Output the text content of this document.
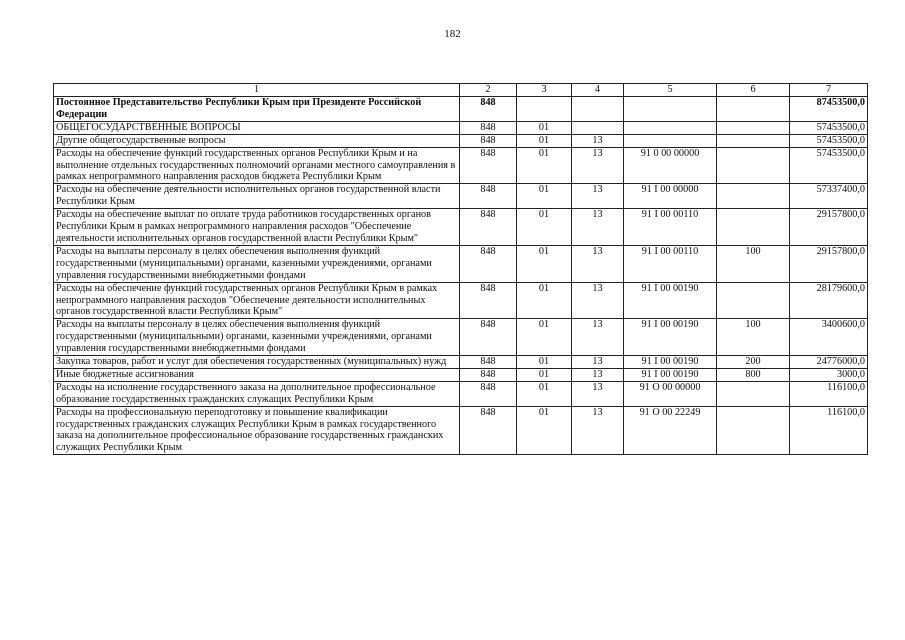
182
1	2	3	4	5	6	7
Постоянное Представительство Республики Крым при Президенте Российской Федерации	848					87453500,0
ОБЩЕГОСУДАРСТВЕННЫЕ ВОПРОСЫ	848	01				57453500,0
Другие общегосударственные вопросы	848	01	13			57453500,0
Расходы на обеспечение функций государственных органов Республики Крым и на выполнение отдельных государственных полномочий органами местного самоуправления в рамках непрограммного направления расходов бюджета Республики Крым	848	01	13	91 0 00 00000		57453500,0
Расходы на обеспечение деятельности исполнительных органов государственной власти Республики Крым	848	01	13	91 I 00 00000		57337400,0
Расходы на обеспечение выплат по оплате труда работников государственных органов Республики Крым в рамках непрограммного направления расходов "Обеспечение деятельности исполнительных органов государственной власти Республики Крым"	848	01	13	91 I 00 00110		29157800,0
Расходы на выплаты персоналу в целях обеспечения выполнения функций государственными (муниципальными) органами, казенными учреждениями, органами управления государственными внебюджетными фондами	848	01	13	91 I 00 00110	100	29157800,0
Расходы на обеспечение функций государственных органов Республики Крым в рамках непрограммного направления расходов "Обеспечение деятельности исполнительных органов государственной власти Республики Крым"	848	01	13	91 I 00 00190		28179600,0
Расходы на выплаты персоналу в целях обеспечения выполнения функций государственными (муниципальными) органами, казенными учреждениями, органами управления государственными внебюджетными фондами	848	01	13	91 I 00 00190	100	3400600,0
Закупка товаров, работ и услуг для обеспечения государственных (муниципальных) нужд	848	01	13	91 I 00 00190	200	24776000,0
Иные бюджетные ассигнования	848	01	13	91 I 00 00190	800	3000,0
Расходы на исполнение государственного заказа на дополнительное профессиональное образование государственных гражданских служащих Республики Крым	848	01	13	91 О 00 00000		116100,0
Расходы на профессиональную переподготовку и повышение квалификации государственных гражданских служащих Республики Крым в рамках государственного заказа на дополнительное профессиональное образование государственных гражданских служащих Республики Крым	848	01	13	91 О 00 22249		116100,0
